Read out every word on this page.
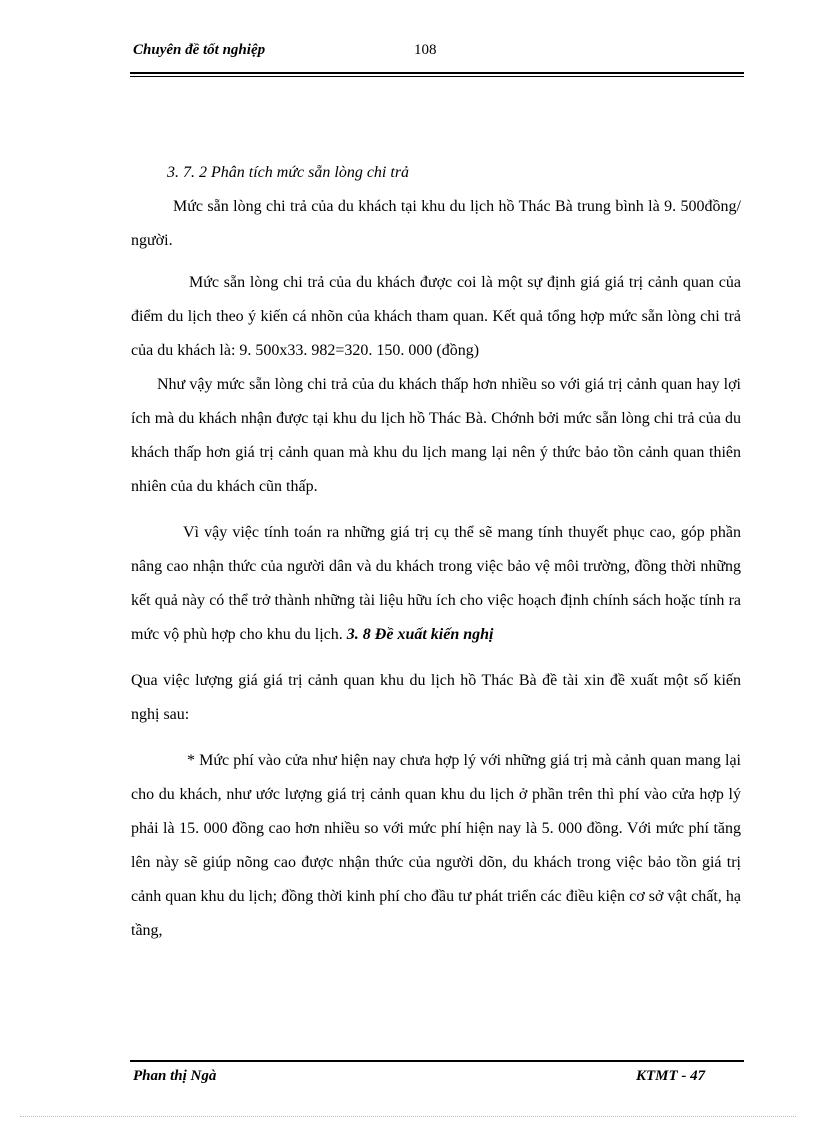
Chuyên đề tốt nghiệp	108

3. 7. 2 Phân tích mức sẵn lòng chi trả

Mức sẵn lòng chi trả của du khách tại khu du lịch hồ Thác Bà trung bình là 9. 500đồng/ người.

Mức sẵn lòng chi trả của du khách được coi là một sự định giá giá trị cảnh quan của điểm du lịch theo ý kiến cá nhõn của khách tham quan. Kết quả tổng hợp mức sẵn lòng chi trả của du khách là: 9. 500x33. 982=320. 150. 000 (đồng)

Như vậy mức sẵn lòng chi trả của du khách thấp hơn nhiều so với giá trị cảnh quan hay lợi ích mà du khách nhận được tại khu du lịch hồ Thác Bà. Chớnh bởi mức sẵn lòng chi trả của du khách thấp hơn giá trị cảnh quan mà khu du lịch mang lại nên ý thức bảo tồn cảnh quan thiên nhiên của du khách cũn thấp.

Vì vậy việc tính toán ra những giá trị cụ thể sẽ mang tính thuyết phục cao, góp phần nâng cao nhận thức của người dân và du khách trong việc bảo vệ môi trường, đồng thời những kết quả này có thể trở thành những tài liệu hữu ích cho việc hoạch định chính sách hoặc tính ra mức vộ phù hợp cho khu du lịch. 3. 8 Đề xuất kiến nghị

Qua việc lượng giá giá trị cảnh quan khu du lịch hồ Thác Bà đề tài xin đề xuất một số kiến nghị sau:

* Mức phí vào cửa như hiện nay chưa hợp lý với những giá trị mà cảnh quan mang lại cho du khách, như ước lượng giá trị cảnh quan khu du lịch ở phần trên thì phí vào cửa hợp lý phải là 15. 000 đồng cao hơn nhiều so với mức phí hiện nay là 5. 000 đồng. Với mức phí tăng lên này sẽ giúp nõng cao được nhận thức của người dõn, du khách trong việc bảo tồn giá trị cảnh quan khu du lịch; đồng thời kinh phí cho đầu tư phát triển các điều kiện cơ sở vật chất, hạ tầng,

Phan thị Ngà	KTMT - 47
